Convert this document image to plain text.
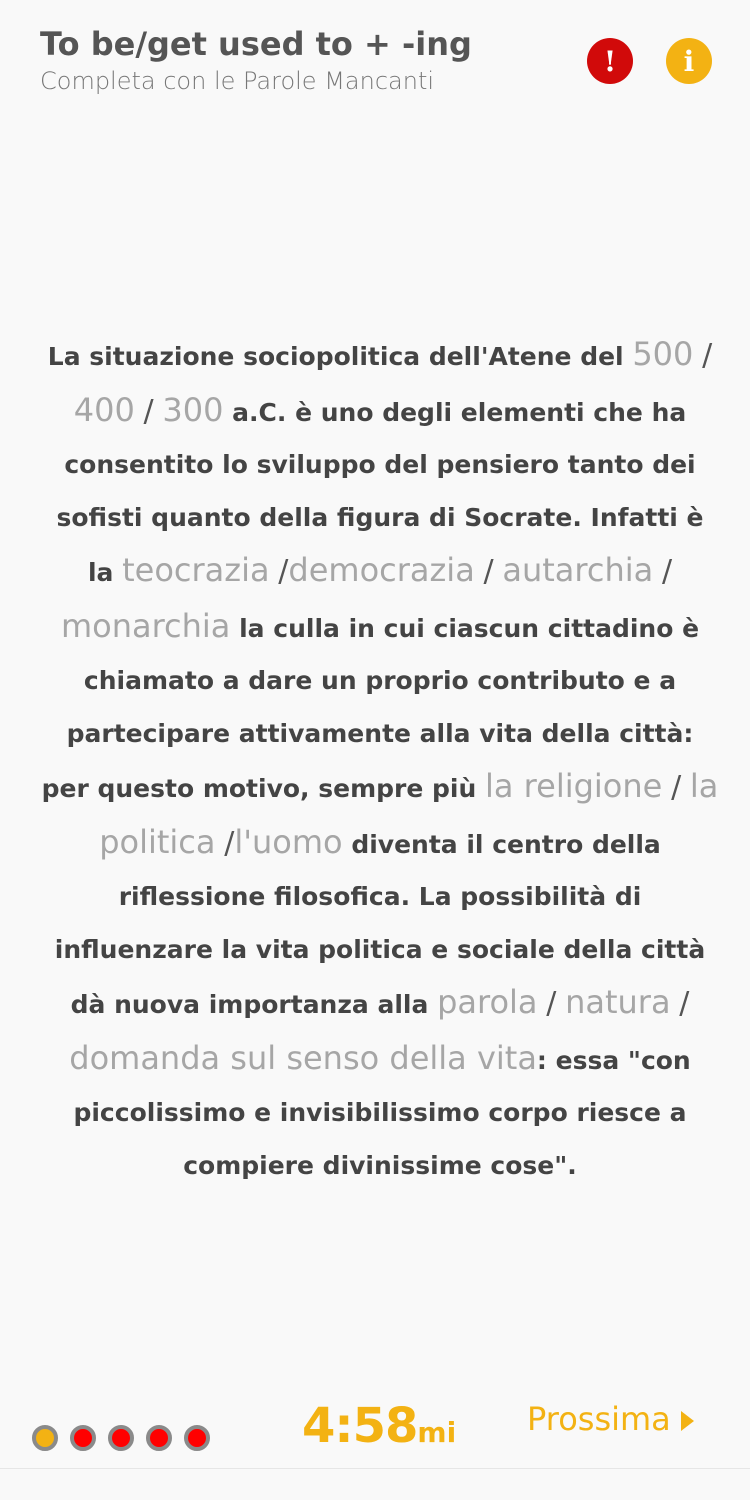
To be/get used to + -ing
Completa con le Parole Mancanti
! i
La situazione sociopolitica dell'Atene del 500 / 400 / 300 a.C. è uno degli elementi che ha consentito lo sviluppo del pensiero tanto dei sofisti quanto della figura di Socrate. Infatti è la teocrazia /democrazia / autarchia / monarchia la culla in cui ciascun cittadino è chiamato a dare un proprio contributo e a partecipare attivamente alla vita della città: per questo motivo, sempre più la religione / la politica /l'uomo diventa il centro della riflessione filosofica. La possibilità di influenzare la vita politica e sociale della città dà nuova importanza alla parola / natura / domanda sul senso della vita: essa "con piccolissimo e invisibilissimo corpo riesce a compiere divinissime cose".
4:58mi Prossima
